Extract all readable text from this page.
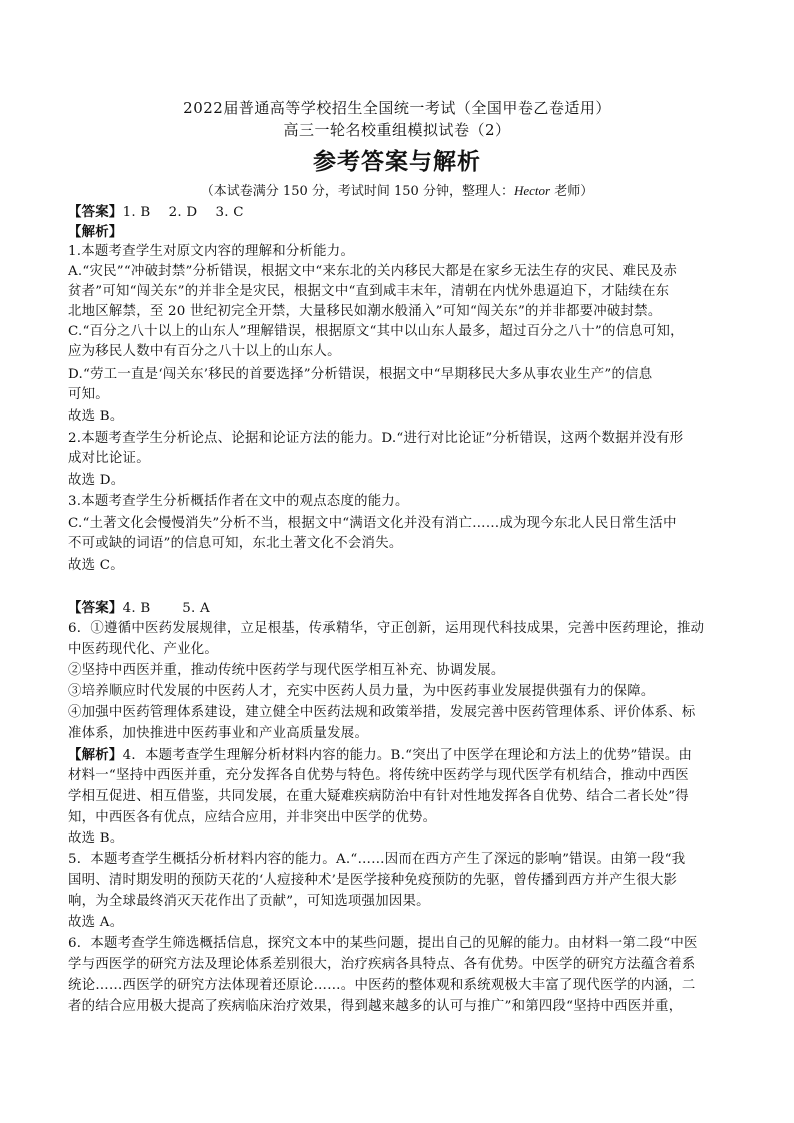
2022届普通高等学校招生全国统一考试（全国甲卷乙卷适用）
高三一轮名校重组模拟试卷（2）
参考答案与解析
（本试卷满分 150 分，考试时间 150 分钟，整理人：Hector 老师）
【答案】1. B　 2. D　 3. C
【解析】
1.本题考查学生对原文内容的理解和分析能力。
A.“灾民”“冲破封禁”分析错误，根据文中“来东北的关内移民大都是在家乡无法生存的灾民、难民及赤
贫者”可知“闯关东”的并非全是灾民，根据文中“直到咸丰末年，清朝在内忧外患逼迫下，才陆续在东
北地区解禁，至 20 世纪初完全开禁，大量移民如潮水般涌入”可知“闯关东”的并非都要冲破封禁。
C.“百分之八十以上的山东人”理解错误，根据原文“其中以山东人最多，超过百分之八十”的信息可知，
应为移民人数中有百分之八十以上的山东人。
D.“劳工一直是‘闯关东’移民的首要选择”分析错误，根据文中“早期移民大多从事农业生产”的信息
可知。
故选 B。
2.本题考查学生分析论点、论据和论证方法的能力。D.“进行对比论证”分析错误，这两个数据并没有形
成对比论证。
故选 D。
3.本题考查学生分析概括作者在文中的观点态度的能力。
C.“土著文化会慢慢消失”分析不当，根据文中“满语文化并没有消亡……成为现今东北人民日常生活中
不可或缺的词语”的信息可知，东北土著文化不会消失。
故选 C。
【答案】4. B　　 5. A
6．①遵循中医药发展规律，立足根基，传承精华，守正创新，运用现代科技成果，完善中医药理论，推动
中医药现代化、产业化。
②坚持中西医并重，推动传统中医药学与现代医学相互补充、协调发展。
③培养顺应时代发展的中医药人才，充实中医药人员力量，为中医药事业发展提供强有力的保障。
④加强中医药管理体系建设，建立健全中医药法规和政策举措，发展完善中医药管理体系、评价体系、标
准体系，加快推进中医药事业和产业高质量发展。
【解析】4．本题考查学生理解分析材料内容的能力。B.“突出了中医学在理论和方法上的优势”错误。由
材料一“坚持中西医并重，充分发挥各自优势与特色。将传统中医药学与现代医学有机结合，推动中西医
学相互促进、相互借鉴，共同发展，在重大疑难疾病防治中有针对性地发挥各自优势、结合二者长处”得
知，中西医各有优点，应结合应用，并非突出中医学的优势。
故选 B。
5．本题考查学生概括分析材料内容的能力。A.“……因而在西方产生了深远的影响”错误。由第一段“我
国明、清时期发明的预防天花的‘人痘接种术’是医学接种免疫预防的先驱，曾传播到西方并产生很大影
响，为全球最终消灭天花作出了贡献”，可知选项强加因果。
故选 A。
6．本题考查学生筛选概括信息，探究文本中的某些问题，提出自己的见解的能力。由材料一第二段“中医
学与西医学的研究方法及理论体系差别很大，治疗疾病各具特点、各有优势。中医学的研究方法蕴含着系
统论……西医学的研究方法体现着还原论……。中医药的整体观和系统观极大丰富了现代医学的内涵，二
者的结合应用极大提高了疾病临床治疗效果，得到越来越多的认可与推广”和第四段“坚持中西医并重，
